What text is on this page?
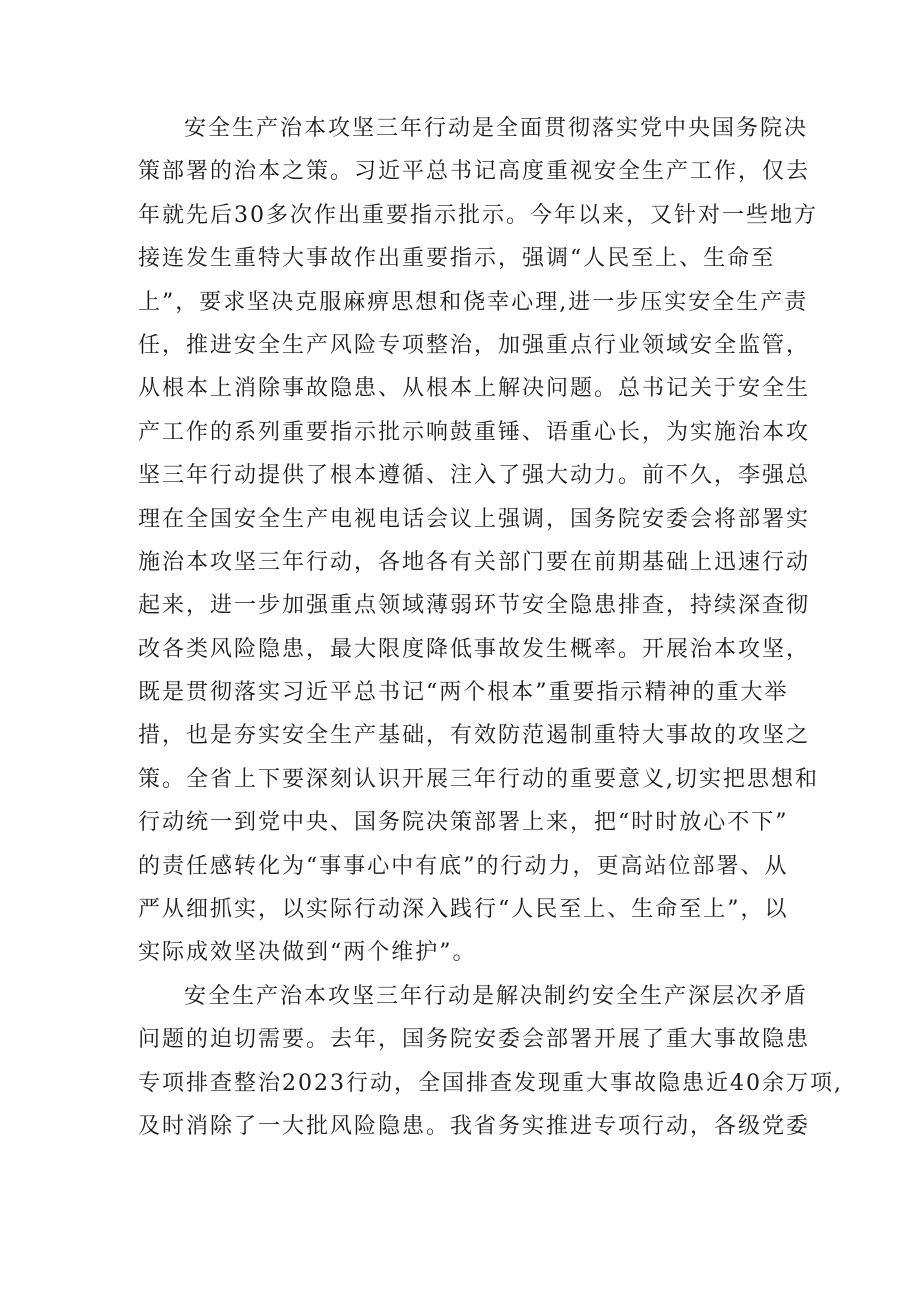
安全生产治本攻坚三年行动是全面贯彻落实党中央国务院决
策部署的治本之策。习近平总书记高度重视安全生产工作，仅去
年就先后30多次作出重要指示批示。今年以来，又针对一些地方
接连发生重特大事故作出重要指示，强调“人民至上、生命至
上”，要求坚决克服麻痹思想和侥幸心理,进一步压实安全生产责
任，推进安全生产风险专项整治，加强重点行业领域安全监管，
从根本上消除事故隐患、从根本上解决问题。总书记关于安全生
产工作的系列重要指示批示响鼓重锤、语重心长，为实施治本攻
坚三年行动提供了根本遵循、注入了强大动力。前不久，李强总
理在全国安全生产电视电话会议上强调，国务院安委会将部署实
施治本攻坚三年行动，各地各有关部门要在前期基础上迅速行动
起来，进一步加强重点领域薄弱环节安全隐患排查，持续深查彻
改各类风险隐患，最大限度降低事故发生概率。开展治本攻坚，
既是贯彻落实习近平总书记“两个根本”重要指示精神的重大举
措，也是夯实安全生产基础，有效防范遏制重特大事故的攻坚之
策。全省上下要深刻认识开展三年行动的重要意义,切实把思想和
行动统一到党中央、国务院决策部署上来，把“时时放心不下”
的责任感转化为“事事心中有底”的行动力，更高站位部署、从
严从细抓实，以实际行动深入践行“人民至上、生命至上”，以
实际成效坚决做到“两个维护”。
安全生产治本攻坚三年行动是解决制约安全生产深层次矛盾
问题的迫切需要。去年，国务院安委会部署开展了重大事故隐患
专项排查整治2023行动，全国排查发现重大事故隐患近40余万项,
及时消除了一大批风险隐患。我省务实推进专项行动，各级党委
